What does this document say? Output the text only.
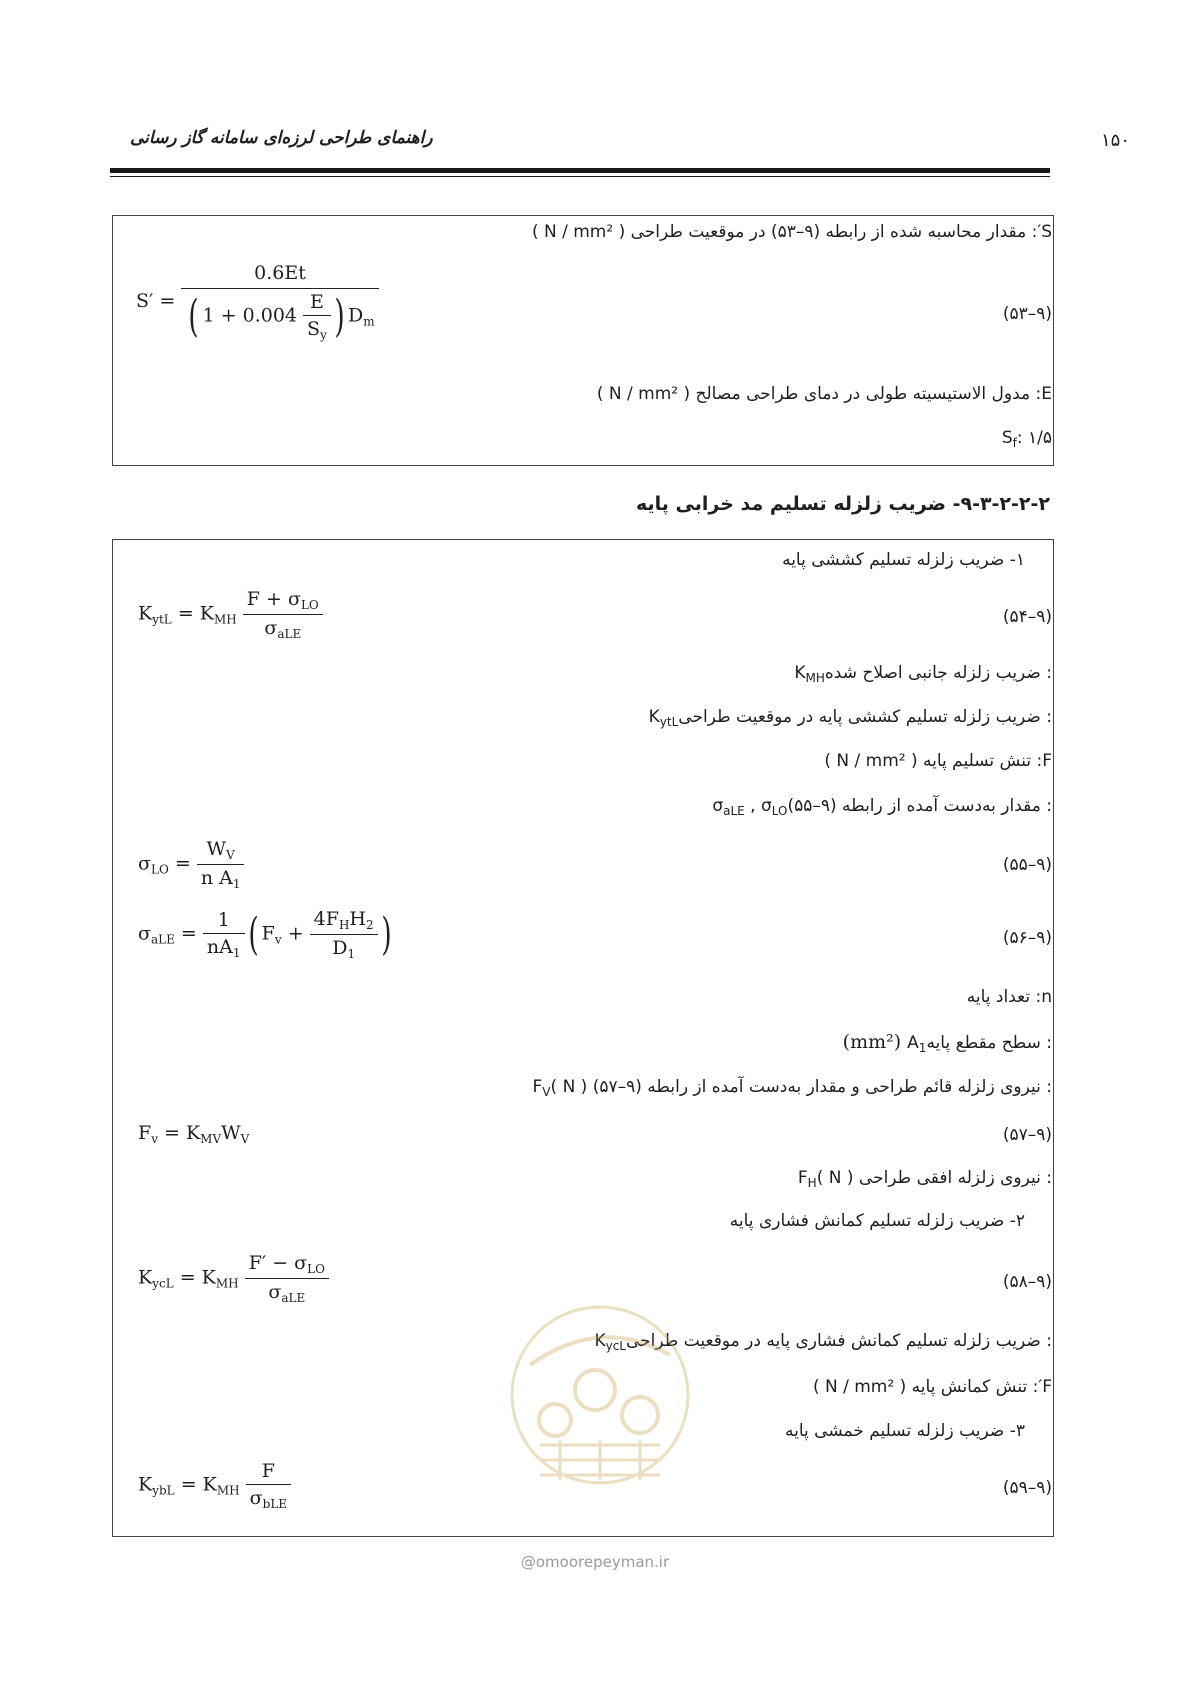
۱۵۰
راهنمای طراحی لرزه‌ای سامانه گاز رسانی
S′: مقدار محاسبه شده از رابطه (۹–۵۳) در موقعیت طراحی ( N / mm² )
$S' = \frac{0.6Et}{( 1 + 0.004 \frac{E}{S_y} ) D_m}$	(۹–۵۳)
E: مدول الاستیسیته طولی در دمای طراحی مصالح ( N / mm² )
۱/۵ $:S_f$
۹-۳-۲-۲-۲- ضریب زلزله تسلیم مد خرابی پایه
۱- ضریب زلزله تسلیم کششی پایه
$K_{ytL} = K_{MH} \frac{F + \sigma_{LO}}{\sigma_{aLE}}$	(۹–۵۴)
: ضریب زلزله جانبی اصلاح شدهK$_{MH}$
: ضریب زلزله تسلیم کششی پایه در موقعیت طراحیK$_{ytL}$
F: تنش تسلیم پایه ( N / mm² )
: مقدار به‌دست آمده از رابطه $(۹-۵۵)\sigma_{aLE}$ , $\sigma_{LO}$
$\sigma_{LO} = \frac{W_V}{n A_1}$	(۹–۵۵)
$\sigma_{aLE} = \frac{1}{nA_1}$ ( $F_v + \frac{4F_HH_2}{D_1}$ )	(۹–۵۶)
n: تعداد پایه
: سطح مقطع پایهA$_1$(mm²)
: نیروی زلزله قائم طراحی و مقدار به‌دست آمده از رابطه (۹–۵۷) ( N )$F_V$
$F_v = K_{MV}W_V$	(۹–۵۷)
: نیروی زلزله افقی طراحی ( N )$F_H$
۲- ضریب زلزله تسلیم کمانش فشاری پایه
$K_{ycL} = K_{MH} \frac{F' - \sigma_{LO}}{\sigma_{aLE}}$	(۹–۵۸)
: ضریب زلزله تسلیم کمانش فشاری پایه در موقعیت طراحیK$_{ycL}$
F′: تنش کمانش پایه ( N / mm² )
۳- ضریب زلزله تسلیم خمشی پایه
$K_{ybL} = K_{MH} \frac{F}{\sigma_{bLE}}$	(۹–۵۹)
@omoorepeyman.ir
